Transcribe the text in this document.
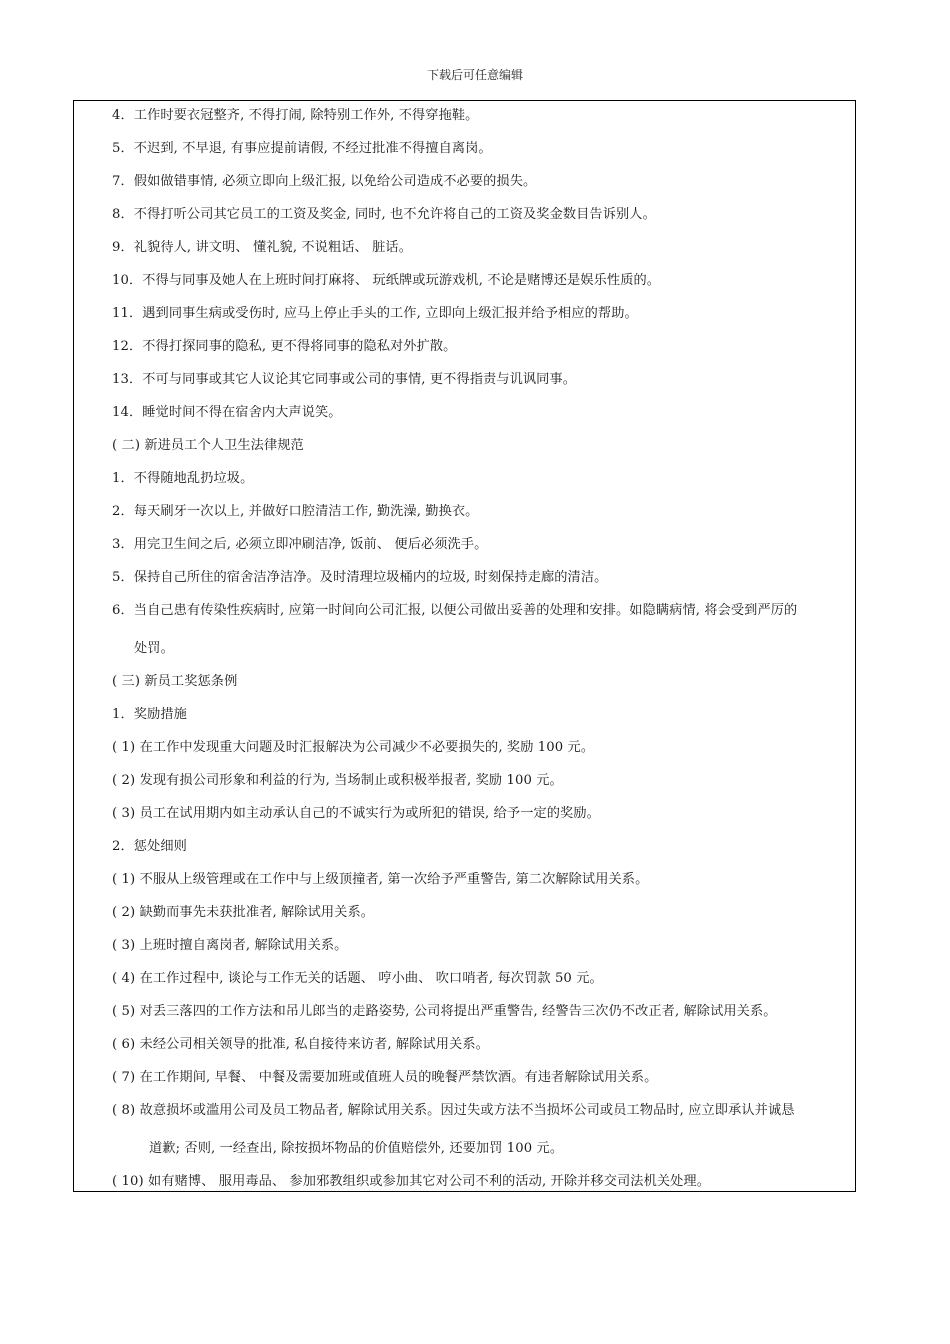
下载后可任意编辑
4．工作时要衣冠整齐, 不得打闹, 除特别工作外, 不得穿拖鞋。
5．不迟到, 不早退, 有事应提前请假, 不经过批准不得擅自离岗。
7．假如做错事情, 必须立即向上级汇报, 以免给公司造成不必要的损失。
8．不得打听公司其它员工的工资及奖金, 同时, 也不允许将自己的工资及奖金数目告诉别人。
9．礼貌待人, 讲文明、 懂礼貌, 不说粗话、 脏话。
10．不得与同事及她人在上班时间打麻将、 玩纸牌或玩游戏机, 不论是赌博还是娱乐性质的。
11．遇到同事生病或受伤时, 应马上停止手头的工作, 立即向上级汇报并给予相应的帮助。
12．不得打探同事的隐私, 更不得将同事的隐私对外扩散。
13．不可与同事或其它人议论其它同事或公司的事情, 更不得指责与讥讽同事。
14．睡觉时间不得在宿舍内大声说笑。
( 二) 新进员工个人卫生法律规范
1．不得随地乱扔垃圾。
2．每天刷牙一次以上, 并做好口腔清洁工作, 勤洗澡, 勤换衣。
3．用完卫生间之后, 必须立即冲刷洁净, 饭前、 便后必须洗手。
5．保持自己所住的宿舍洁净洁净。及时清理垃圾桶内的垃圾, 时刻保持走廊的清洁。
6．当自己患有传染性疾病时, 应第一时间向公司汇报, 以便公司做出妥善的处理和安排。如隐瞒病情, 将会受到严厉的
处罚。
( 三) 新员工奖惩条例
1．奖励措施
( 1) 在工作中发现重大问题及时汇报解决为公司减少不必要损失的, 奖励 100 元。
( 2) 发现有损公司形象和利益的行为, 当场制止或积极举报者, 奖励 100 元。
( 3) 员工在试用期内如主动承认自己的不诚实行为或所犯的错误, 给予一定的奖励。
2．惩处细则
( 1) 不服从上级管理或在工作中与上级顶撞者, 第一次给予严重警告, 第二次解除试用关系。
( 2) 缺勤而事先未获批准者, 解除试用关系。
( 3) 上班时擅自离岗者, 解除试用关系。
( 4) 在工作过程中, 谈论与工作无关的话题、 哼小曲、 吹口哨者, 每次罚款 50 元。
( 5) 对丢三落四的工作方法和吊儿郎当的走路姿势, 公司将提出严重警告, 经警告三次仍不改正者, 解除试用关系。
( 6) 未经公司相关领导的批准, 私自接待来访者, 解除试用关系。
( 7) 在工作期间, 早餐、 中餐及需要加班或值班人员的晚餐严禁饮酒。有违者解除试用关系。
( 8) 故意损坏或滥用公司及员工物品者, 解除试用关系。因过失或方法不当损坏公司或员工物品时, 应立即承认并诚恳
道歉; 否则, 一经查出, 除按损坏物品的价值赔偿外, 还要加罚 100 元。
( 10) 如有赌博、 服用毒品、 参加邪教组织或参加其它对公司不利的活动, 开除并移交司法机关处理。
